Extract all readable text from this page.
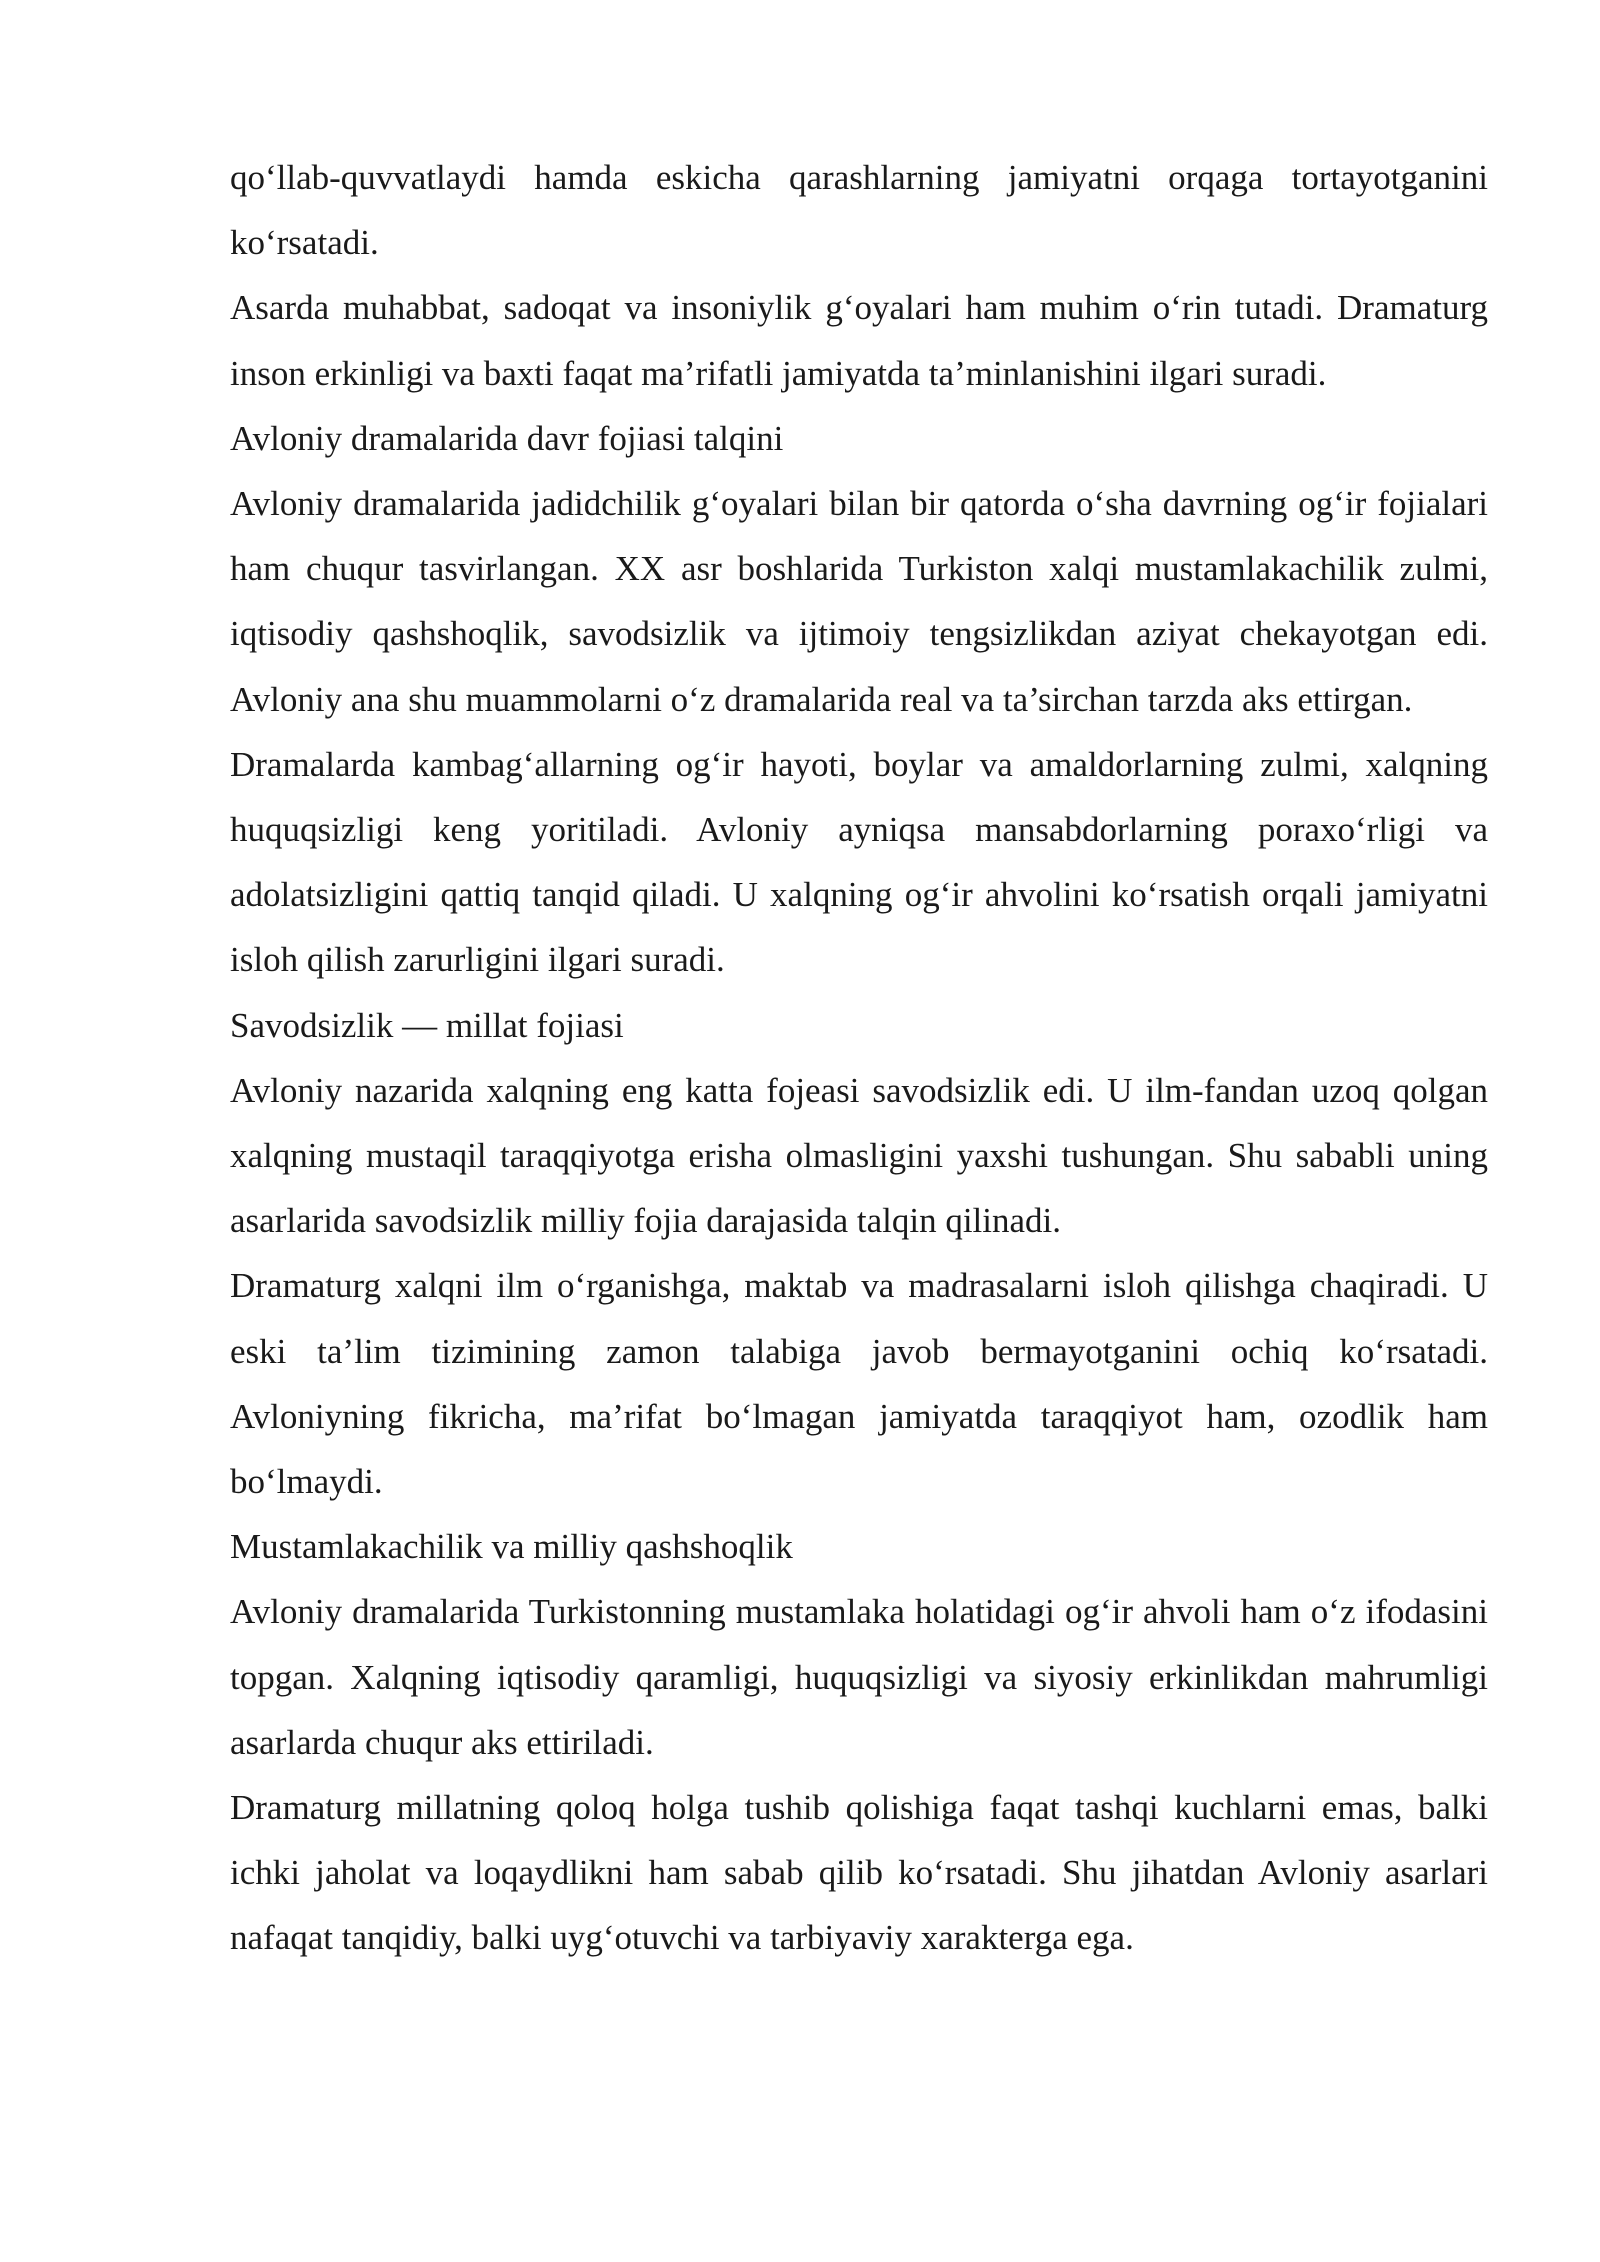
qo‘llab-quvvatlaydi hamda eskicha qarashlarning jamiyatni orqaga tortayotganini ko‘rsatadi.

Asarda muhabbat, sadoqat va insoniylik g‘oyalari ham muhim o‘rin tutadi. Dramaturg inson erkinligi va baxti faqat ma’rifatli jamiyatda ta’minlanishini ilgari suradi.

Avloniy dramalarida davr fojiasi talqini

Avloniy dramalarida jadidchilik g‘oyalari bilan bir qatorda o‘sha davrning og‘ir fojialari ham chuqur tasvirlangan. XX asr boshlarida Turkiston xalqi mustamlakachilik zulmi, iqtisodiy qashshoqlik, savodsizlik va ijtimoiy tengsizlikdan aziyat chekayotgan edi. Avloniy ana shu muammolarni o‘z dramalarida real va ta’sirchan tarzda aks ettirgan.

Dramalarda kambag‘allarning og‘ir hayoti, boylar va amaldorlarning zulmi, xalqning huquqsizligi keng yoritiladi. Avloniy ayniqsa mansabdorlarning poraxo‘rligi va adolatsizligini qattiq tanqid qiladi. U xalqning og‘ir ahvolini ko‘rsatish orqali jamiyatni isloh qilish zarurligini ilgari suradi.

Savodsizlik — millat fojiasi

Avloniy nazarida xalqning eng katta fojeasi savodsizlik edi. U ilm-fandan uzoq qolgan xalqning mustaqil taraqqiyotga erisha olmasligini yaxshi tushungan. Shu sababli uning asarlarida savodsizlik milliy fojia darajasida talqin qilinadi.

Dramaturg xalqni ilm o‘rganishga, maktab va madrasalarni isloh qilishga chaqiradi. U eski ta’lim tizimining zamon talabiga javob bermayotganini ochiq ko‘rsatadi. Avloniyning fikricha, ma’rifat bo‘lmagan jamiyatda taraqqiyot ham, ozodlik ham bo‘lmaydi.

Mustamlakachilik va milliy qashshoqlik

Avloniy dramalarida Turkistonning mustamlaka holatidagi og‘ir ahvoli ham o‘z ifodasini topgan. Xalqning iqtisodiy qaramligi, huquqsizligi va siyosiy erkinlikdan mahrumligi asarlarda chuqur aks ettiriladi.

Dramaturg millatning qoloq holga tushib qolishiga faqat tashqi kuchlarni emas, balki ichki jaholat va loqaydlikni ham sabab qilib ko‘rsatadi. Shu jihatdan Avloniy asarlari nafaqat tanqidiy, balki uyg‘otuvchi va tarbiyaviy xarakterga ega.
